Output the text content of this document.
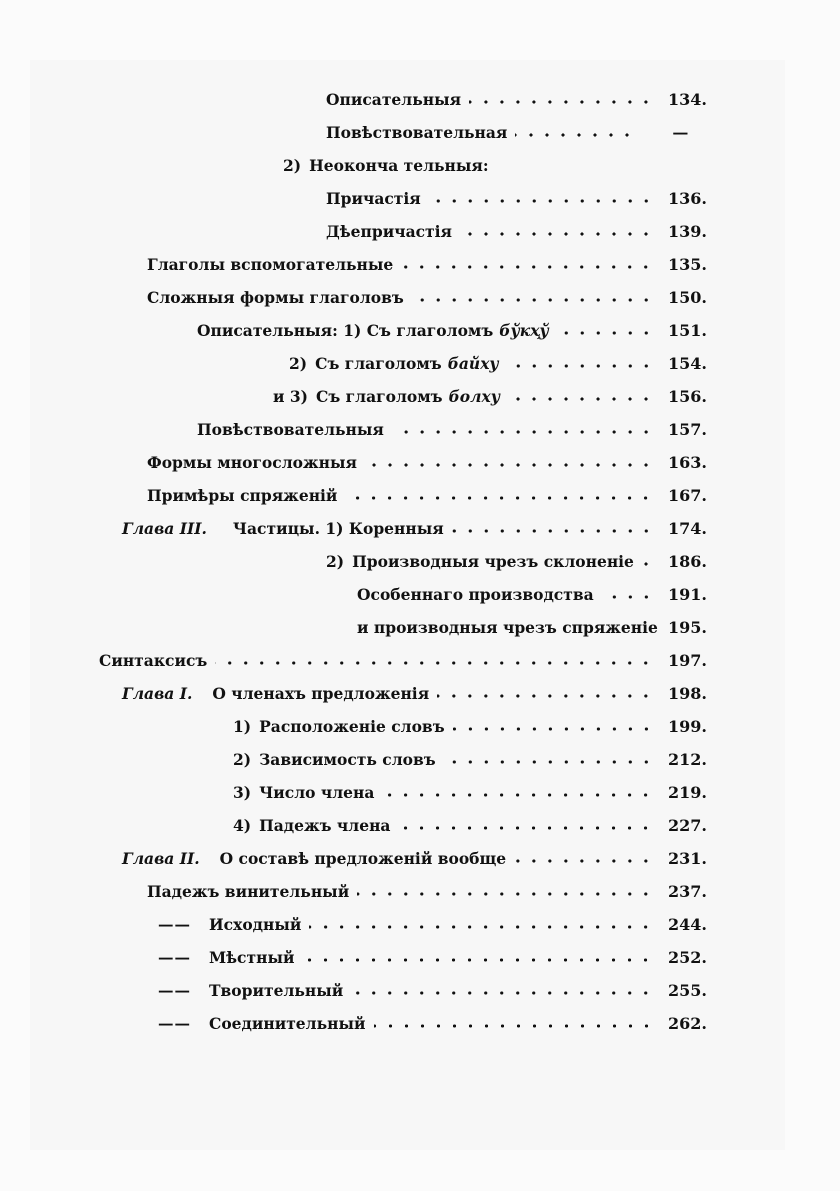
Описательныя	134.
Повѣствовательная	—
2) Неоконча тельныя:
Причастія	136.
Дѣепричастія	139.
Глаголы вспомогательные	135.
Сложныя формы глаголовъ	150.
Описательныя: 1) Съ глаголомъ бўкҳў	151.
2) Съ глаголомъ байху	154.
и 3) Съ глаголомъ болху	156.
Повѣствовательныя	157.
Формы многосложныя	163.
Примѣры спряженій	167.
Глава III. Частицы. 1) Коренныя	174.
2) Производныя чрезъ склоненіе	186.
Особеннаго производства	191.
и производныя чрезъ спряженіе 195.
Синтаксисъ	197.
Глава I. О членахъ предложенія	198.
1) Расположеніе словъ	199.
2) Зависимость словъ	212.
3) Число члена	219.
4) Падежъ члена	227.
Глава II. О составѣ предложеній вообще	231.
Падежъ винительный	237.
—— Исходный	244.
—— Мѣстный	252.
—— Творительный	255.
—— Соединительный	262.
